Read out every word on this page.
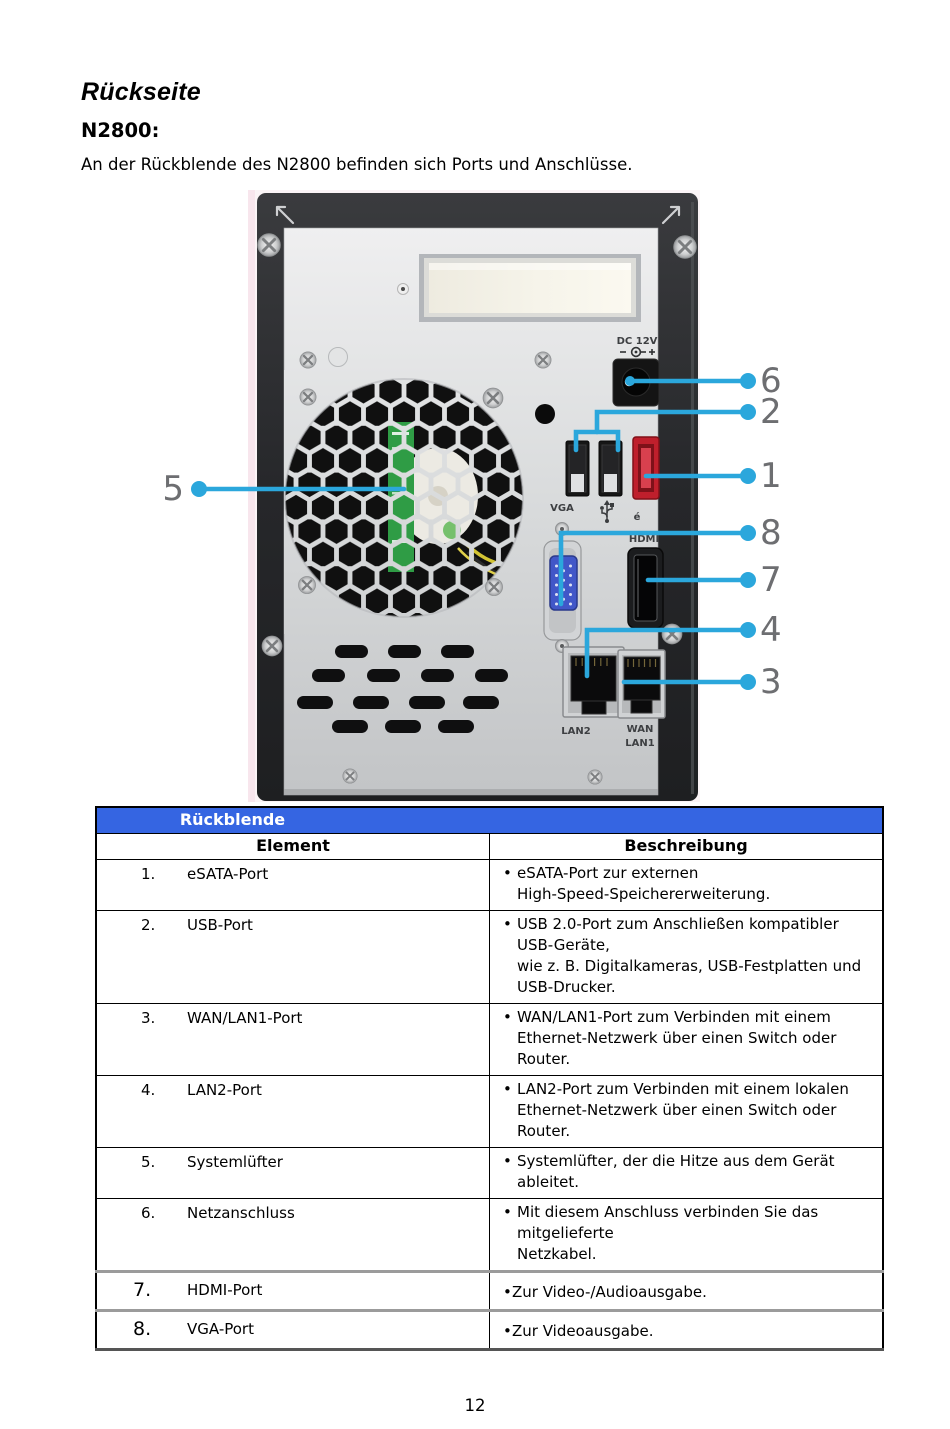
Rückseite
N2800:
An der Rückblende des N2800 befinden sich Ports und Anschlüsse.
DC 12V
VGA
é
HDMI
LAN2	WAN
LAN1
6
2
1
8
7
4
3
5
Rückblende	

Element	Beschreibung

1. eSATA-Port	• eSATA-Port zur externen
High-Speed-Speichererweiterung.

2. USB-Port	• USB 2.0-Port zum Anschließen kompatibler USB-Geräte,
wie z. B. Digitalkameras, USB-Festplatten und
USB-Drucker.

3. WAN/LAN1-Port	• WAN/LAN1-Port zum Verbinden mit einem
Ethernet-Netzwerk über einen Switch oder Router.

4. LAN2-Port	• LAN2-Port zum Verbinden mit einem lokalen
Ethernet-Netzwerk über einen Switch oder Router.

5. Systemlüfter	• Systemlüfter, der die Hitze aus dem Gerät ableitet.

6. Netzanschluss	• Mit diesem Anschluss verbinden Sie das mitgelieferte
Netzkabel.

7. HDMI-Port	• Zur Video-/Audioausgabe.

8. VGA-Port	• Zur Videoausgabe.
12
